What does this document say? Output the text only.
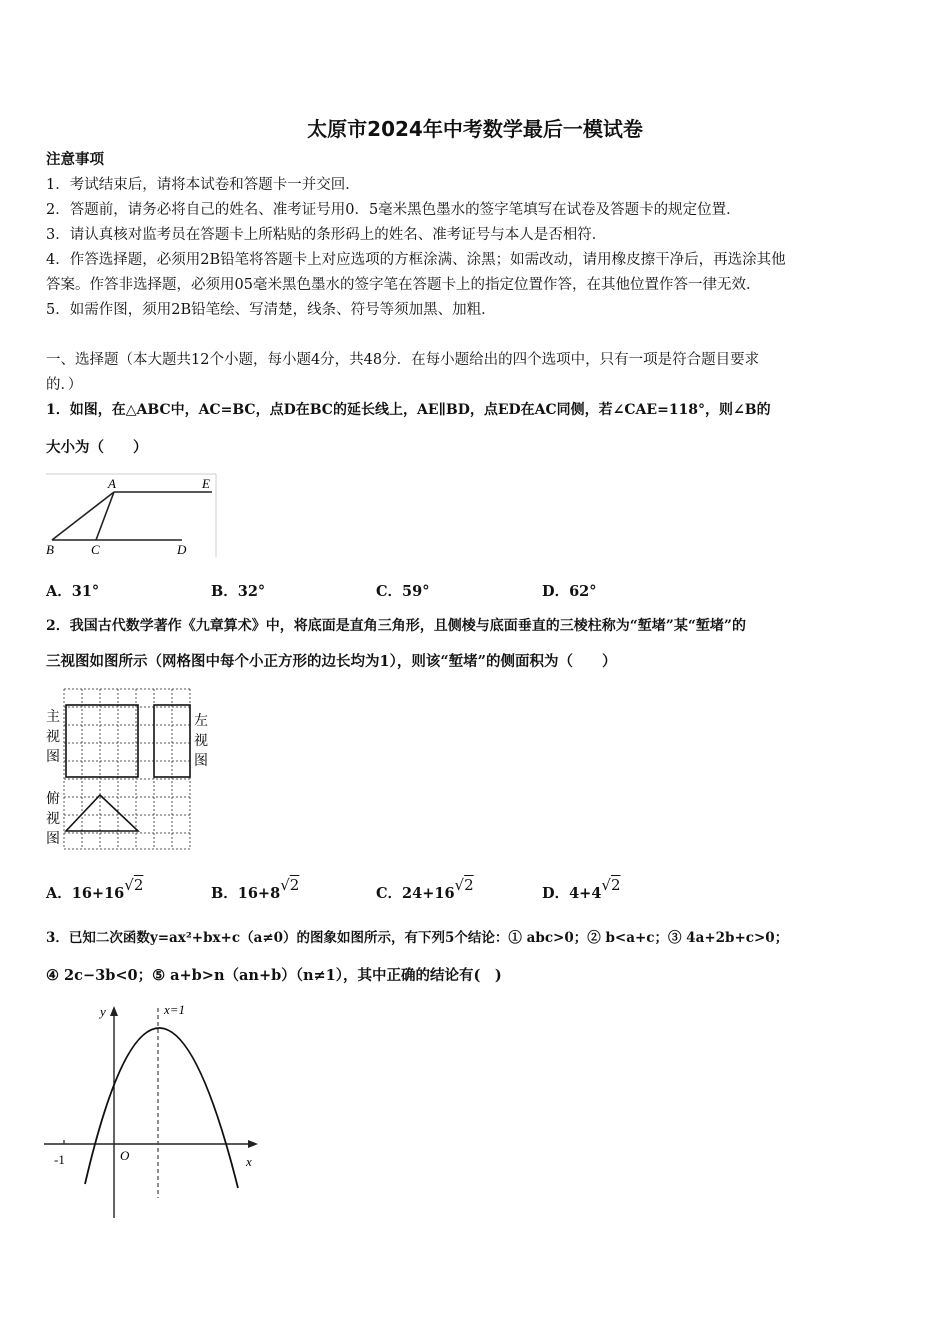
太原市2024年中考数学最后一模试卷
注意事项
1．考试结束后，请将本试卷和答题卡一并交回．
2．答题前，请务必将自己的姓名、准考证号用0．5毫米黑色墨水的签字笔填写在试卷及答题卡的规定位置．
3．请认真核对监考员在答题卡上所粘贴的条形码上的姓名、准考证号与本人是否相符．
4．作答选择题，必须用2B铅笔将答题卡上对应选项的方框涂满、涂黑；如需改动，请用橡皮擦干净后，再选涂其他
答案。作答非选择题，必须用05毫米黑色墨水的签字笔在答题卡上的指定位置作答，在其他位置作答一律无效．
5．如需作图，须用2B铅笔绘、写清楚，线条、符号等须加黑、加粗．
一、选择题（本大题共12个小题，每小题4分，共48分．在每小题给出的四个选项中，只有一项是符合题目要求
的．）
1．如图，在△ABC中，AC=BC，点D在BC的延长线上，AE∥BD，点ED在AC同侧，若∠CAE=118°，则∠B的
大小为（　　）
A	E
B	C	D
A．31°	B．32°	C．59°	D．62°
2．我国古代数学著作《九章算术》中，将底面是直角三角形，且侧棱与底面垂直的三棱柱称为“堑堵”某“堑堵”的
三视图如图所示（网格图中每个小正方形的边长均为1），则该“堑堵”的侧面积为（　　）
主
视
图
左
视
图
俯
视
图
A．16+16√2	B．16+8√2	C．24+16√2	D．4+4√2
3．已知二次函数y=ax²+bx+c（a≠0）的图象如图所示，有下列5个结论：① abc>0；② b<a+c；③ 4a+2b+c>0；
④ 2c−3b<0；⑤ a+b>n（an+b）（n≠1），其中正确的结论有(　)
-1	O	x
y	x=1
